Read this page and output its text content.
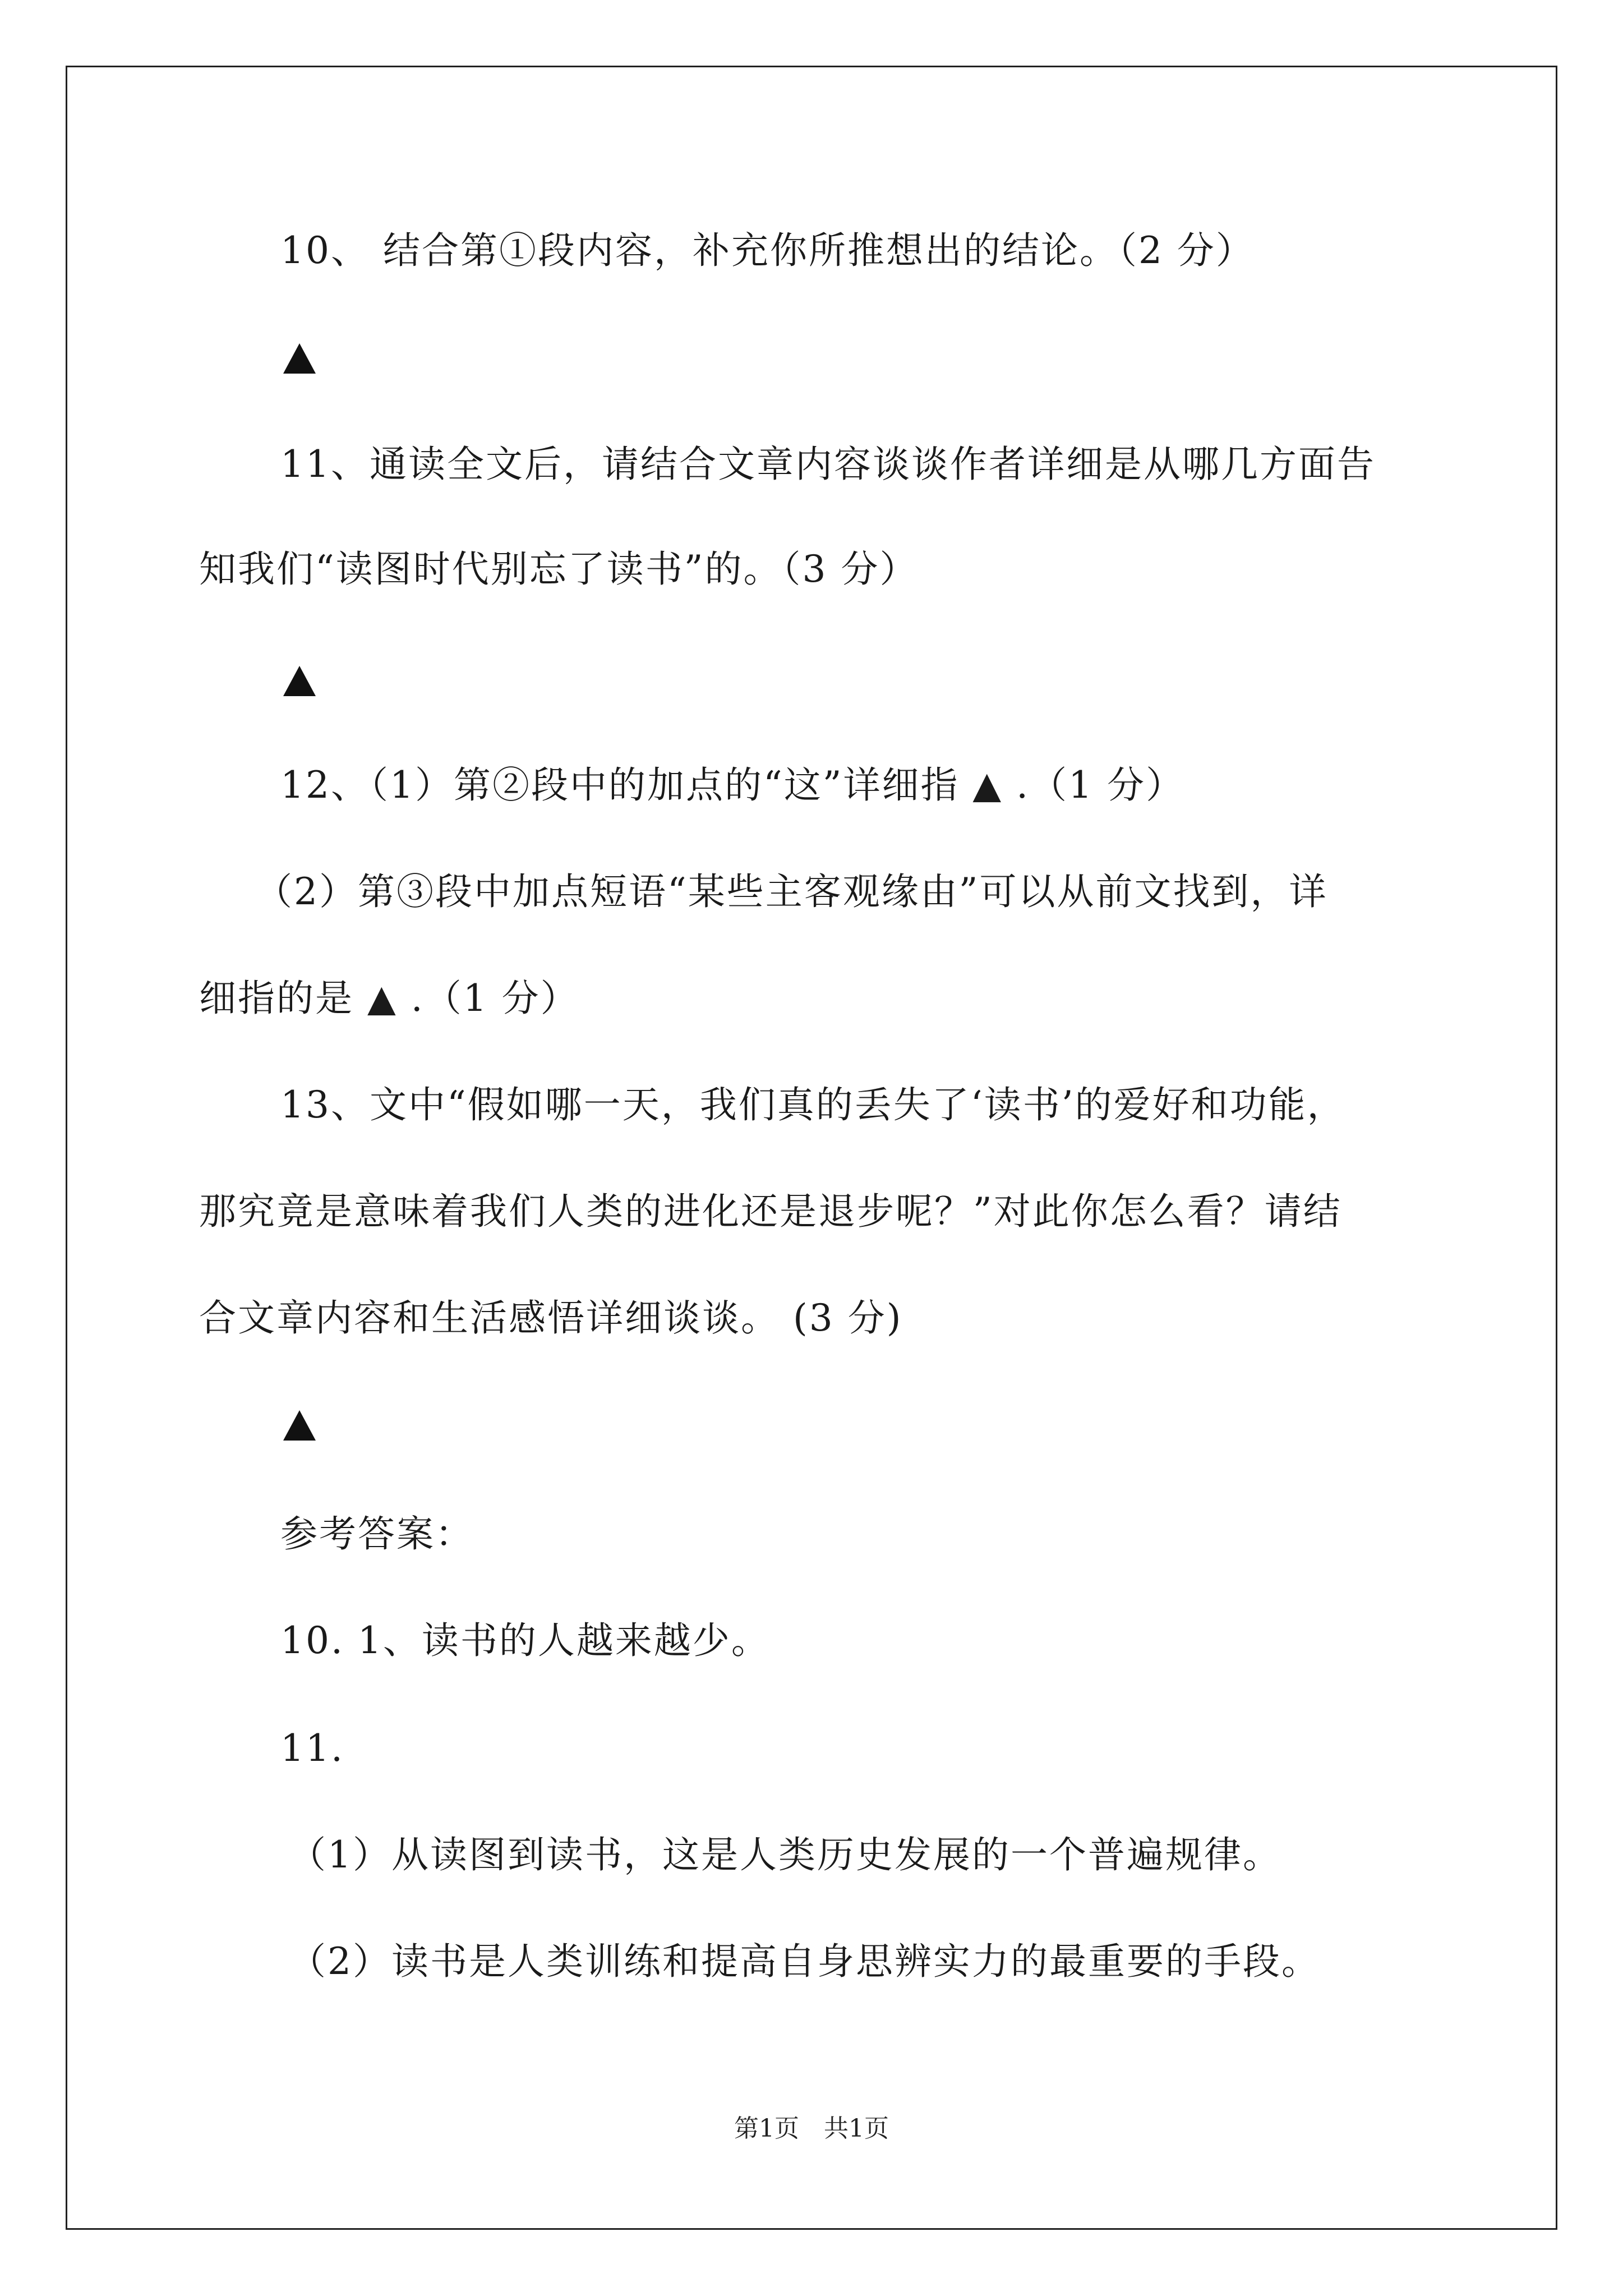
10、 结合第①段内容，补充你所推想出的结论。（2 分）

11、通读全文后，请结合文章内容谈谈作者详细是从哪几方面告

知我们“读图时代别忘了读书”的。（3 分）

12、（1）第②段中的加点的“这”详细指 ▲ .（1 分）

（2）第③段中加点短语“某些主客观缘由”可以从前文找到，详

细指的是 ▲ .（1 分）

13、文中“假如哪一天，我们真的丢失了‘读书’的爱好和功能，

那究竟是意味着我们人类的进化还是退步呢？”对此你怎么看？请结

合文章内容和生活感悟详细谈谈。 (3 分)

参考答案：

10. 1、读书的人越来越少。

11.

（1）从读图到读书，这是人类历史发展的一个普遍规律。

（2）读书是人类训练和提高自身思辨实力的最重要的手段。

第1页　共1页
